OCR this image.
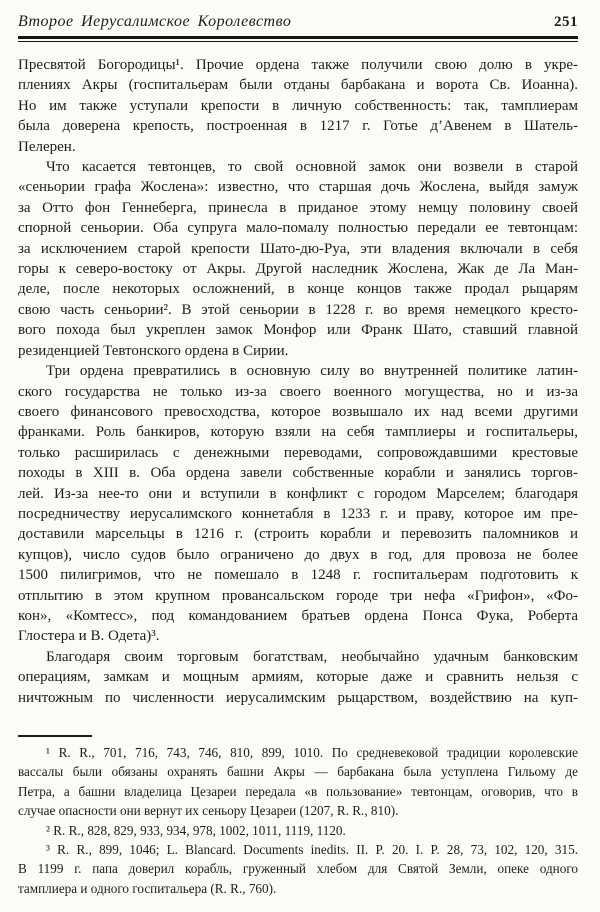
Второе Иерусалимское Королевство	251
Пресвятой Богородицы¹. Прочие ордена также получили свою долю в укре-
плениях Акры (госпитальерам были отданы барбакана и ворота Св. Иоанна).
Но им также уступали крепости в личную собственность: так, тамплиерам
была доверена крепость, построенная в 1217 г. Готье д’Авенем в Шатель-
Пелерен.
Что касается тевтонцев, то свой основной замок они возвели в старой
«сеньории графа Жослена»: известно, что старшая дочь Жослена, выйдя замуж
за Отто фон Геннеберга, принесла в приданое этому немцу половину своей
спорной сеньории. Оба супруга мало-помалу полностью передали ее тевтонцам:
за исключением старой крепости Шато-дю-Руа, эти владения включали в себя
горы к северо-востоку от Акры. Другой наследник Жослена, Жак де Ла Ман-
деле, после некоторых осложнений, в конце концов также продал рыцарям
свою часть сеньории². В этой сеньории в 1228 г. во время немецкого кресто-
вого похода был укреплен замок Монфор или Франк Шато, ставший главной
резиденцией Тевтонского ордена в Сирии.
Три ордена превратились в основную силу во внутренней политике латин-
ского государства не только из-за своего военного могущества, но и из-за
своего финансового превосходства, которое возвышало их над всеми другими
франками. Роль банкиров, которую взяли на себя тамплиеры и госпитальеры,
только расширилась с денежными переводами, сопровождавшими крестовые
походы в XIII в. Оба ордена завели собственные корабли и занялись торгов-
лей. Из-за нее-то они и вступили в конфликт с городом Марселем; благодаря
посредничеству иерусалимского коннетабля в 1233 г. и праву, которое им пре-
доставили марсельцы в 1216 г. (строить корабли и перевозить паломников и
купцов), число судов было ограничено до двух в год, для провоза не более
1500 пилигримов, что не помешало в 1248 г. госпитальерам подготовить к
отплытию в этом крупном провансальском городе три нефа «Грифон», «Фо-
кон», «Комтесс», под командованием братьев ордена Понса Фука, Роберта
Глостера и В. Одета)³.
Благодаря своим торговым богатствам, необычайно удачным банковским
операциям, замкам и мощным армиям, которые даже и сравнить нельзя с
ничтожным по численности иерусалимским рыцарством, воздействию на куп-
¹ R. R., 701, 716, 743, 746, 810, 899, 1010. По средневековой традиции королевские
вассалы были обязаны охранять башни Акры — барбакана была уступлена Гильому де
Петра, а башни владелица Цезареи передала «в пользование» тевтонцам, оговорив, что в
случае опасности они вернут их сеньору Цезареи (1207, R. R., 810).
² R. R., 828, 829, 933, 934, 978, 1002, 1011, 1119, 1120.
³ R. R., 899, 1046; L. Blancard. Documents inedits. II. P. 20. I. P. 28, 73, 102, 120, 315.
В 1199 г. папа доверил корабль, груженный хлебом для Святой Земли, опеке одного
тамплиера и одного госпитальера (R. R., 760).
